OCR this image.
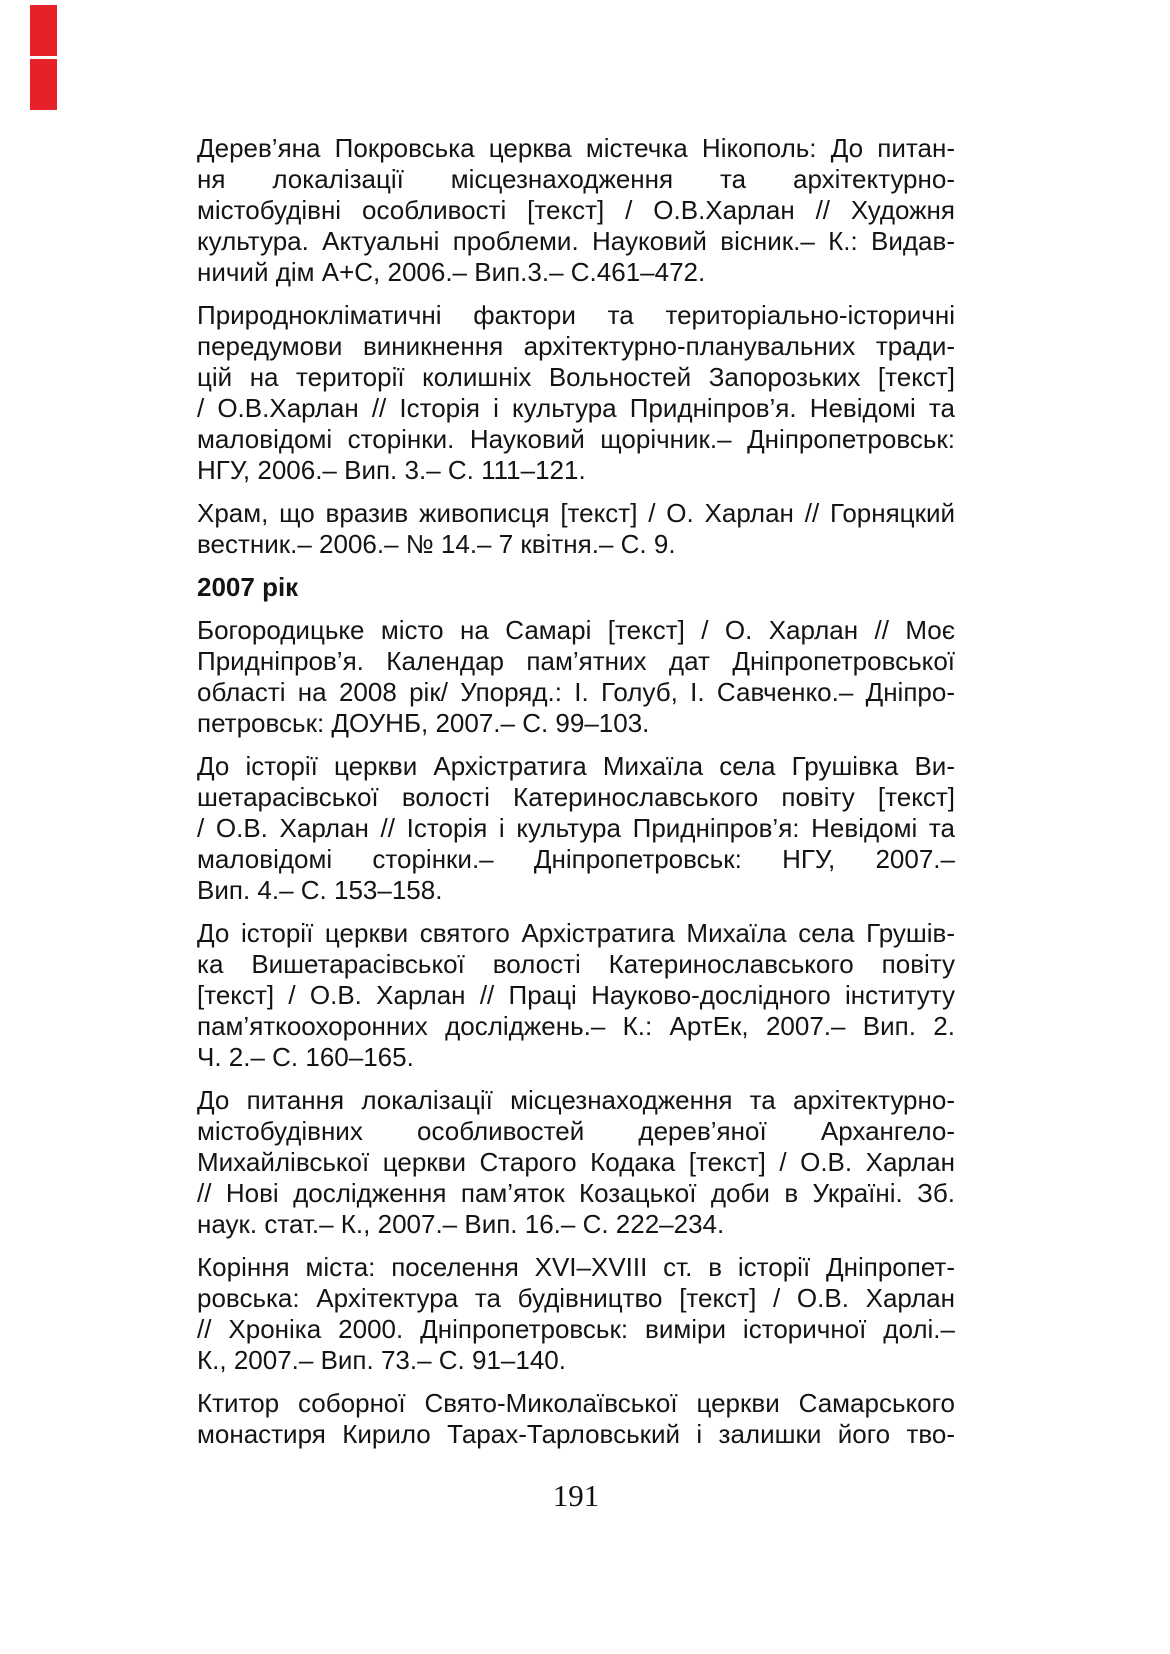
Дерев’яна Покровська церква містечка Нікополь: До питан-
ня локалізації місцезнаходження та архітектурно-
містобудівні особливості [текст] / О.В.Харлан // Художня
культура. Актуальні проблеми. Науковий вісник.– К.: Видав-
ничий дім А+С, 2006.– Вип.3.– С.461–472.
Природнокліматичні фактори та територіально-історичні
передумови виникнення архітектурно-планувальних тради-
цій на території колишніх Вольностей Запорозьких [текст]
/ О.В.Харлан // Історія і культура Придніпров’я. Невідомі та
маловідомі сторінки. Науковий щорічник.– Дніпропетровськ:
НГУ, 2006.– Вип. 3.– С. 111–121.
Храм, що вразив живописця [текст] / О. Харлан // Горняцкий
вестник.– 2006.– № 14.– 7 квітня.– С. 9.
2007 рік
Богородицьке місто на Самарі [текст] / О. Харлан // Моє
Придніпров’я. Календар пам’ятних дат Дніпропетровської
області на 2008 рік/ Упоряд.: І. Голуб, І. Савченко.– Дніпро-
петровськ: ДОУНБ, 2007.– С. 99–103.
До історії церкви Архістратига Михаїла села Грушівка Ви-
шетарасівської волості Катеринославського повіту [текст]
/ О.В. Харлан // Історія і культура Придніпров’я: Невідомі та
маловідомі сторінки.– Дніпропетровськ: НГУ, 2007.–
Вип. 4.– С. 153–158.
До історії церкви святого Архістратига Михаїла села Грушів-
ка Вишетарасівської волості Катеринославського повіту
[текст] / О.В. Харлан // Праці Науково-дослідного інституту
пам’яткоохоронних досліджень.– К.: АртЕк, 2007.– Вип. 2.
Ч. 2.– С. 160–165.
До питання локалізації місцезнаходження та архітектурно-
містобудівних особливостей дерев’яної Архангело-
Михайлівської церкви Старого Кодака [текст] / О.В. Харлан
// Нові дослідження пам’яток Козацької доби в Україні. Зб.
наук. стат.– К., 2007.– Вип. 16.– С. 222–234.
Коріння міста: поселення XVI–XVIII ст. в історії Дніпропет-
ровська: Архітектура та будівництво [текст] / О.В. Харлан
// Хроніка 2000. Дніпропетровськ: виміри історичної долі.–
К., 2007.– Вип. 73.– С. 91–140.
Ктитор соборної Свято-Миколаївської церкви Самарського
монастиря Кирило Тарах-Тарловський і залишки його тво-
191
